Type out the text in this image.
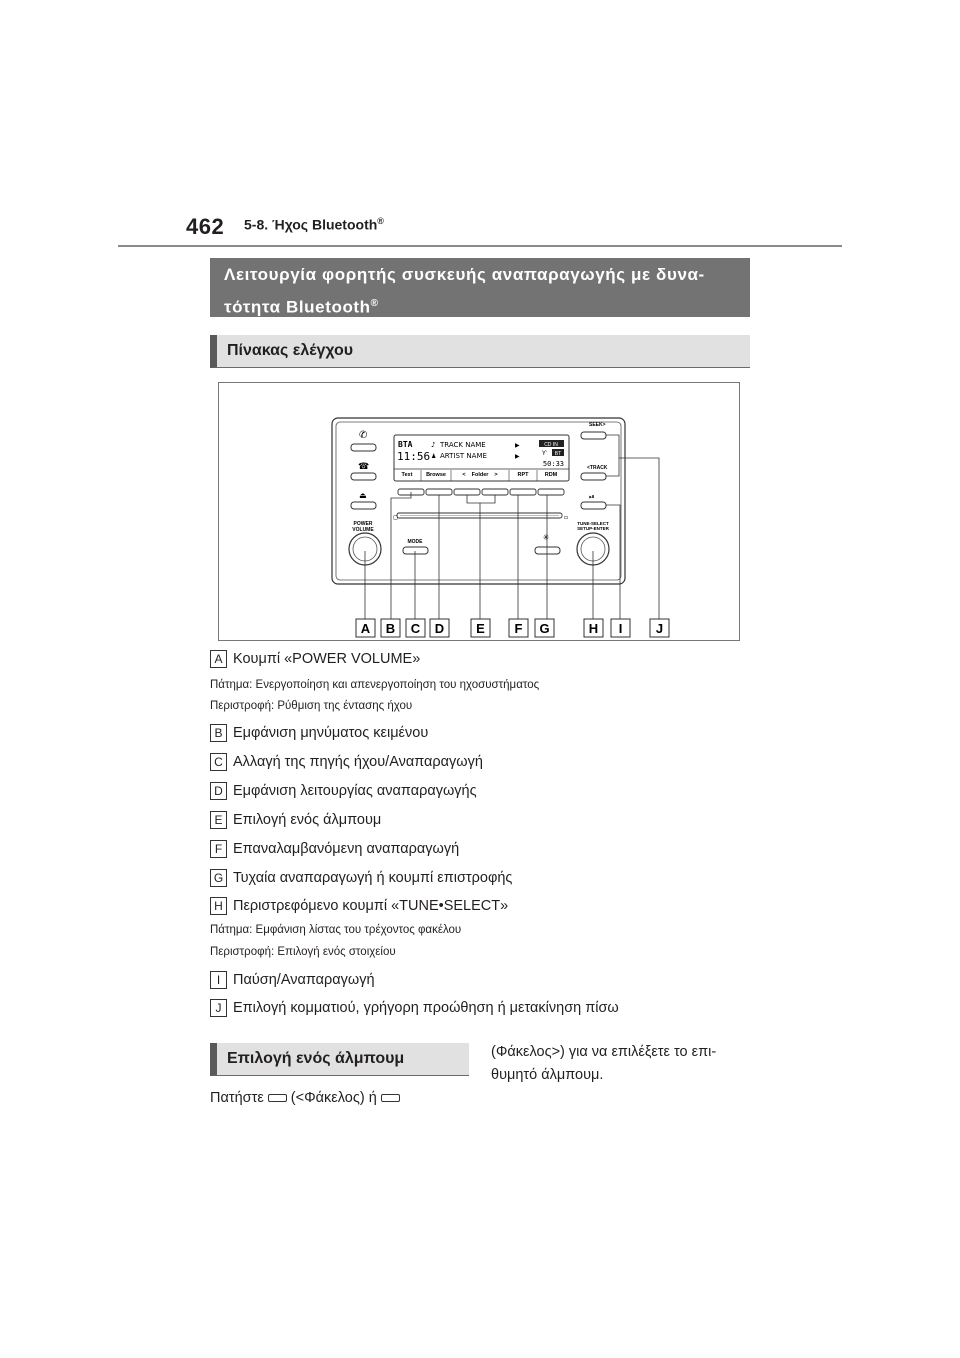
462 5-8. Ήχος Bluetooth®
Λειτουργία φορητής συσκευής αναπαραγωγής με δυνα-
τότητα Bluetooth®
Πίνακας ελέγχου
✆
☎
⏏
POWER
VOLUME
BTA
11:56
♪ TRACK NAME	▶
♟ ARTIST NAME	▶
CD IN
Ƴ BT
50:33
Text Browse	< Folder >	RPT	RDM
◻	▫
MODE	✳
SEEK>
<TRACK
⏯
TUNE-SELECT
SETUP-ENTER
A B C D E F G	H I	J
A Κουμπί «POWER VOLUME»
Πάτημα: Ενεργοποίηση και απενεργοποίηση του ηχοσυστήματος
Περιστροφή: Ρύθμιση της έντασης ήχου
B Εμφάνιση μηνύματος κειμένου
C Αλλαγή της πηγής ήχου/Αναπαραγωγή
D Εμφάνιση λειτουργίας αναπαραγωγής
E Επιλογή ενός άλμπουμ
F Επαναλαμβανόμενη αναπαραγωγή
G Τυχαία αναπαραγωγή ή κουμπί επιστροφής
H Περιστρεφόμενο κουμπί «TUNE•SELECT»
Πάτημα: Εμφάνιση λίστας του τρέχοντος φακέλου
Περιστροφή: Επιλογή ενός στοιχείου
I Παύση/Αναπαραγωγή
J Επιλογή κομματιού, γρήγορη προώθηση ή μετακίνηση πίσω
Επιλογή ενός άλμπουμ
Πατήστε (<Φάκελος) ή
(Φάκελος>) για να επιλέξετε το επι-
θυμητό άλμπουμ.
